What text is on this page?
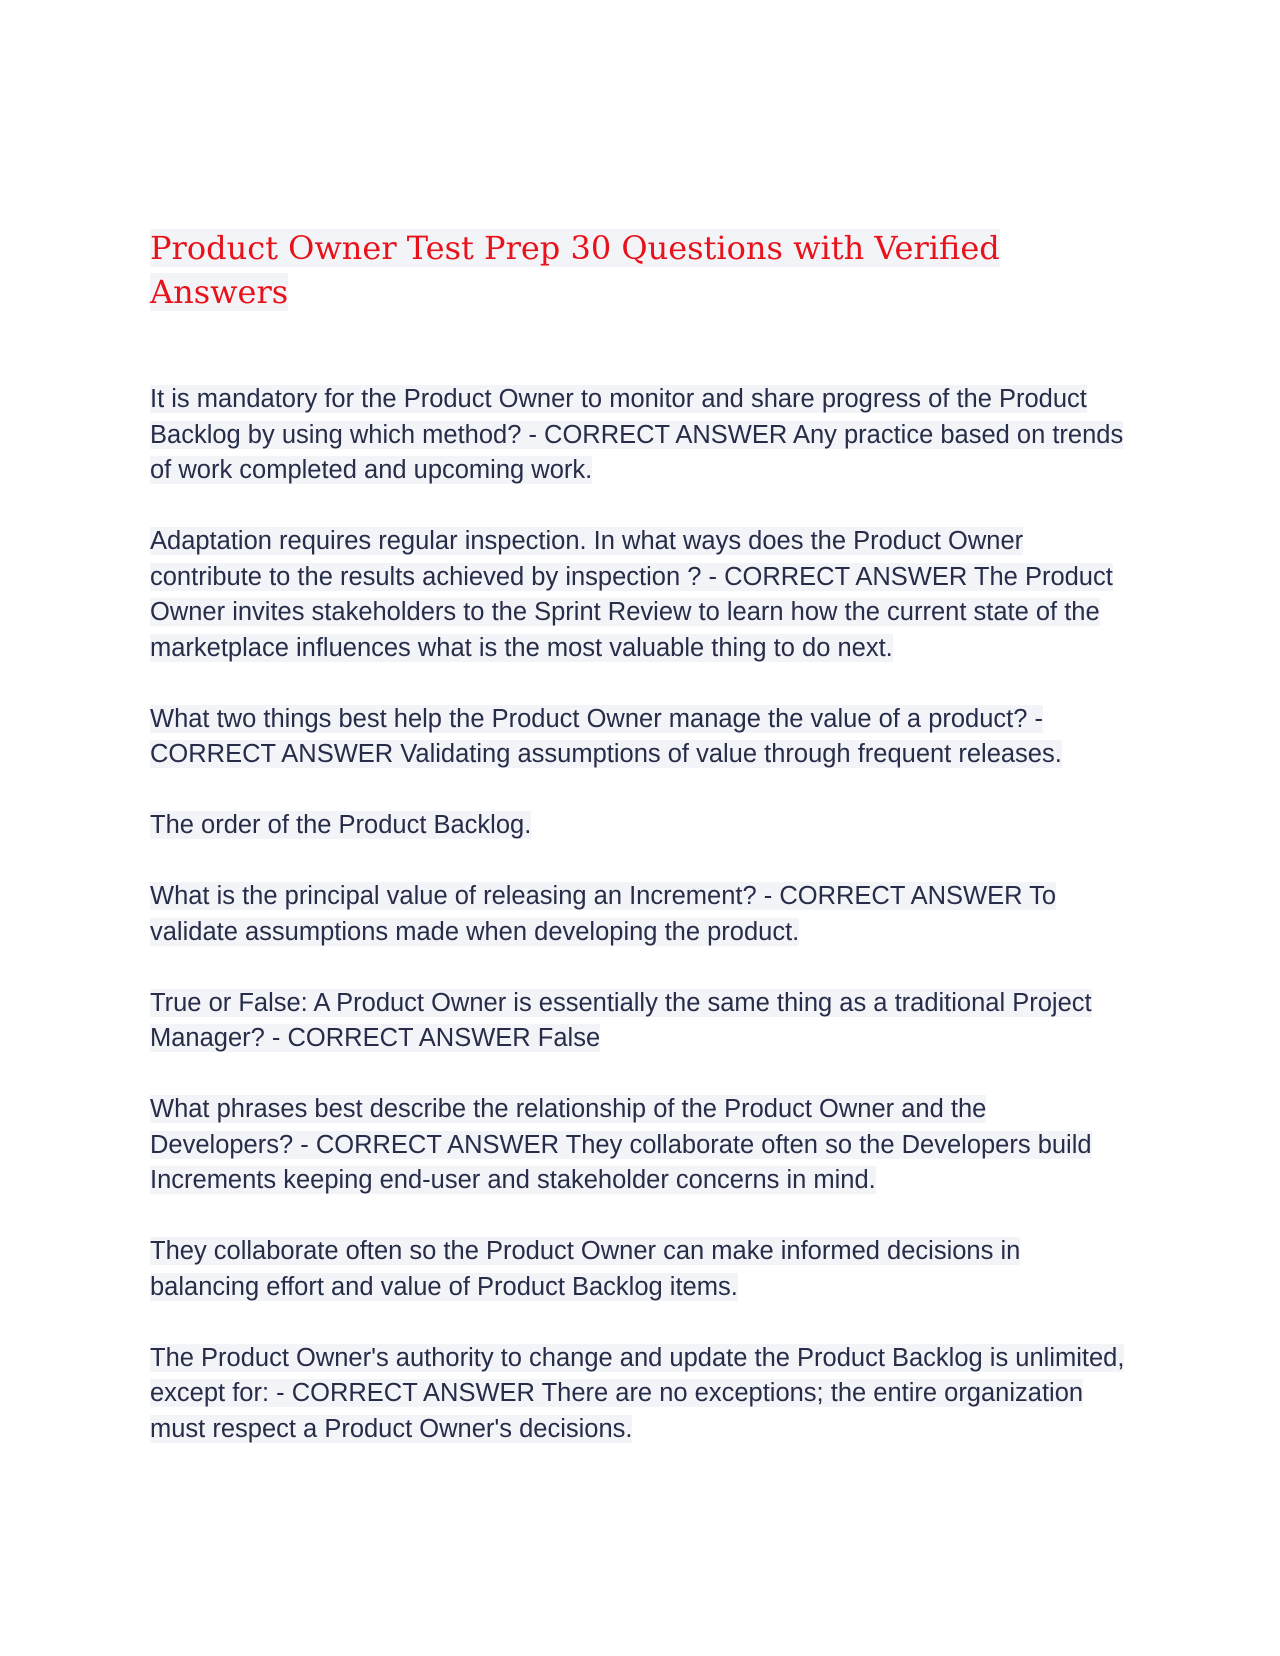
Product Owner Test Prep 30 Questions with Verified Answers

It is mandatory for the Product Owner to monitor and share progress of the Product Backlog by using which method? - CORRECT ANSWER Any practice based on trends of work completed and upcoming work.

Adaptation requires regular inspection. In what ways does the Product Owner contribute to the results achieved by inspection ? - CORRECT ANSWER The Product Owner invites stakeholders to the Sprint Review to learn how the current state of the marketplace influences what is the most valuable thing to do next.

What two things best help the Product Owner manage the value of a product? - CORRECT ANSWER Validating assumptions of value through frequent releases.

The order of the Product Backlog.

What is the principal value of releasing an Increment? - CORRECT ANSWER To validate assumptions made when developing the product.

True or False: A Product Owner is essentially the same thing as a traditional Project Manager? - CORRECT ANSWER False

What phrases best describe the relationship of the Product Owner and the Developers? - CORRECT ANSWER They collaborate often so the Developers build Increments keeping end-user and stakeholder concerns in mind.

They collaborate often so the Product Owner can make informed decisions in balancing effort and value of Product Backlog items.

The Product Owner's authority to change and update the Product Backlog is unlimited, except for: - CORRECT ANSWER There are no exceptions; the entire organization must respect a Product Owner's decisions.
